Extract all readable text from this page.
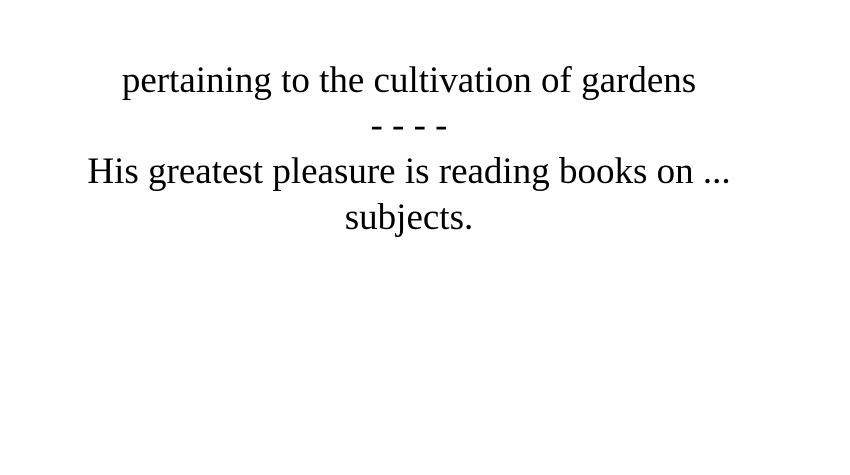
pertaining to the cultivation of gardens
- - - -
His greatest pleasure is reading books on ...
subjects.
